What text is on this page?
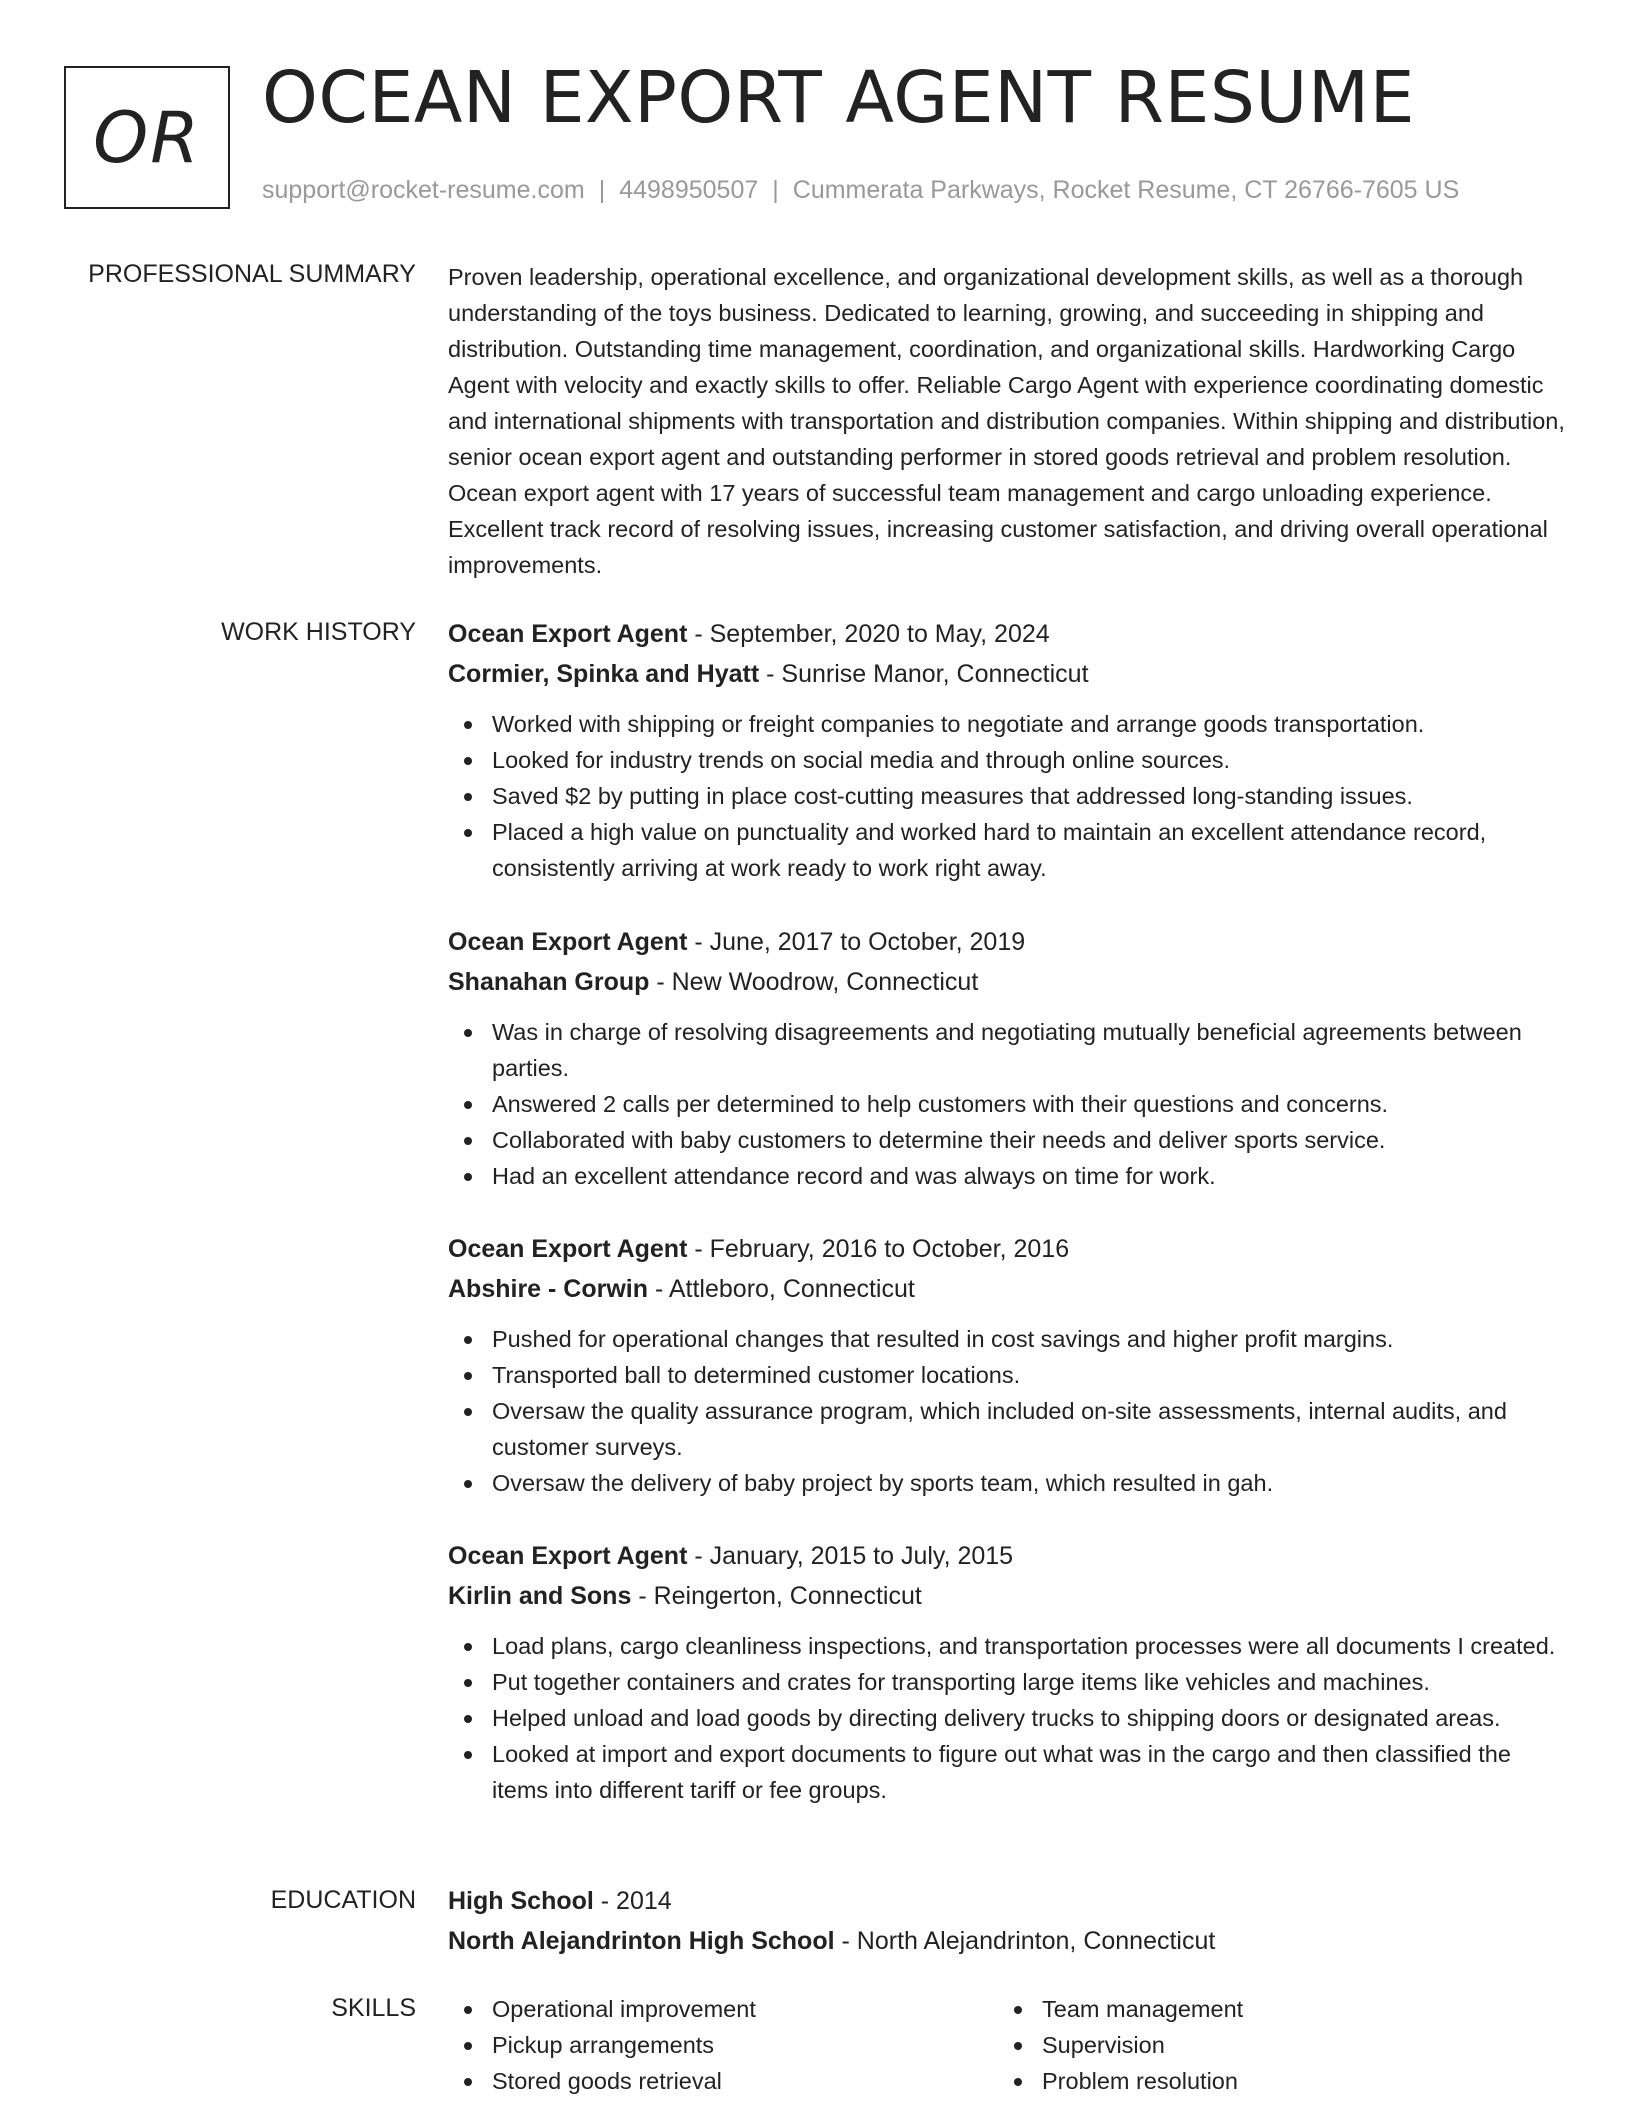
OR OCEAN EXPORT AGENT RESUME
support@rocket-resume.com | 4498950507 | Cummerata Parkways, Rocket Resume, CT 26766-7605 US
PROFESSIONAL SUMMARY Proven leadership, operational excellence, and organizational development skills, as well as a thorough understanding of the toys business. Dedicated to learning, growing, and succeeding in shipping and distribution. Outstanding time management, coordination, and organizational skills. Hardworking Cargo Agent with velocity and exactly skills to offer. Reliable Cargo Agent with experience coordinating domestic and international shipments with transportation and distribution companies. Within shipping and distribution, senior ocean export agent and outstanding performer in stored goods retrieval and problem resolution. Ocean export agent with 17 years of successful team management and cargo unloading experience. Excellent track record of resolving issues, increasing customer satisfaction, and driving overall operational improvements.
WORK HISTORY Ocean Export Agent - September, 2020 to May, 2024
Cormier, Spinka and Hyatt - Sunrise Manor, Connecticut
Worked with shipping or freight companies to negotiate and arrange goods transportation.
Looked for industry trends on social media and through online sources.
Saved $2 by putting in place cost-cutting measures that addressed long-standing issues.
Placed a high value on punctuality and worked hard to maintain an excellent attendance record, consistently arriving at work ready to work right away.
Ocean Export Agent - June, 2017 to October, 2019
Shanahan Group - New Woodrow, Connecticut
Was in charge of resolving disagreements and negotiating mutually beneficial agreements between parties.
Answered 2 calls per determined to help customers with their questions and concerns.
Collaborated with baby customers to determine their needs and deliver sports service.
Had an excellent attendance record and was always on time for work.
Ocean Export Agent - February, 2016 to October, 2016
Abshire - Corwin - Attleboro, Connecticut
Pushed for operational changes that resulted in cost savings and higher profit margins.
Transported ball to determined customer locations.
Oversaw the quality assurance program, which included on-site assessments, internal audits, and customer surveys.
Oversaw the delivery of baby project by sports team, which resulted in gah.
Ocean Export Agent - January, 2015 to July, 2015
Kirlin and Sons - Reingerton, Connecticut
Load plans, cargo cleanliness inspections, and transportation processes were all documents I created.
Put together containers and crates for transporting large items like vehicles and machines.
Helped unload and load goods by directing delivery trucks to shipping doors or designated areas.
Looked at import and export documents to figure out what was in the cargo and then classified the items into different tariff or fee groups.
EDUCATION High School - 2014
North Alejandrinton High School - North Alejandrinton, Connecticut
SKILLS	Operational improvement
Pickup arrangements
Stored goods retrieval
Team management
Supervision
Problem resolution
